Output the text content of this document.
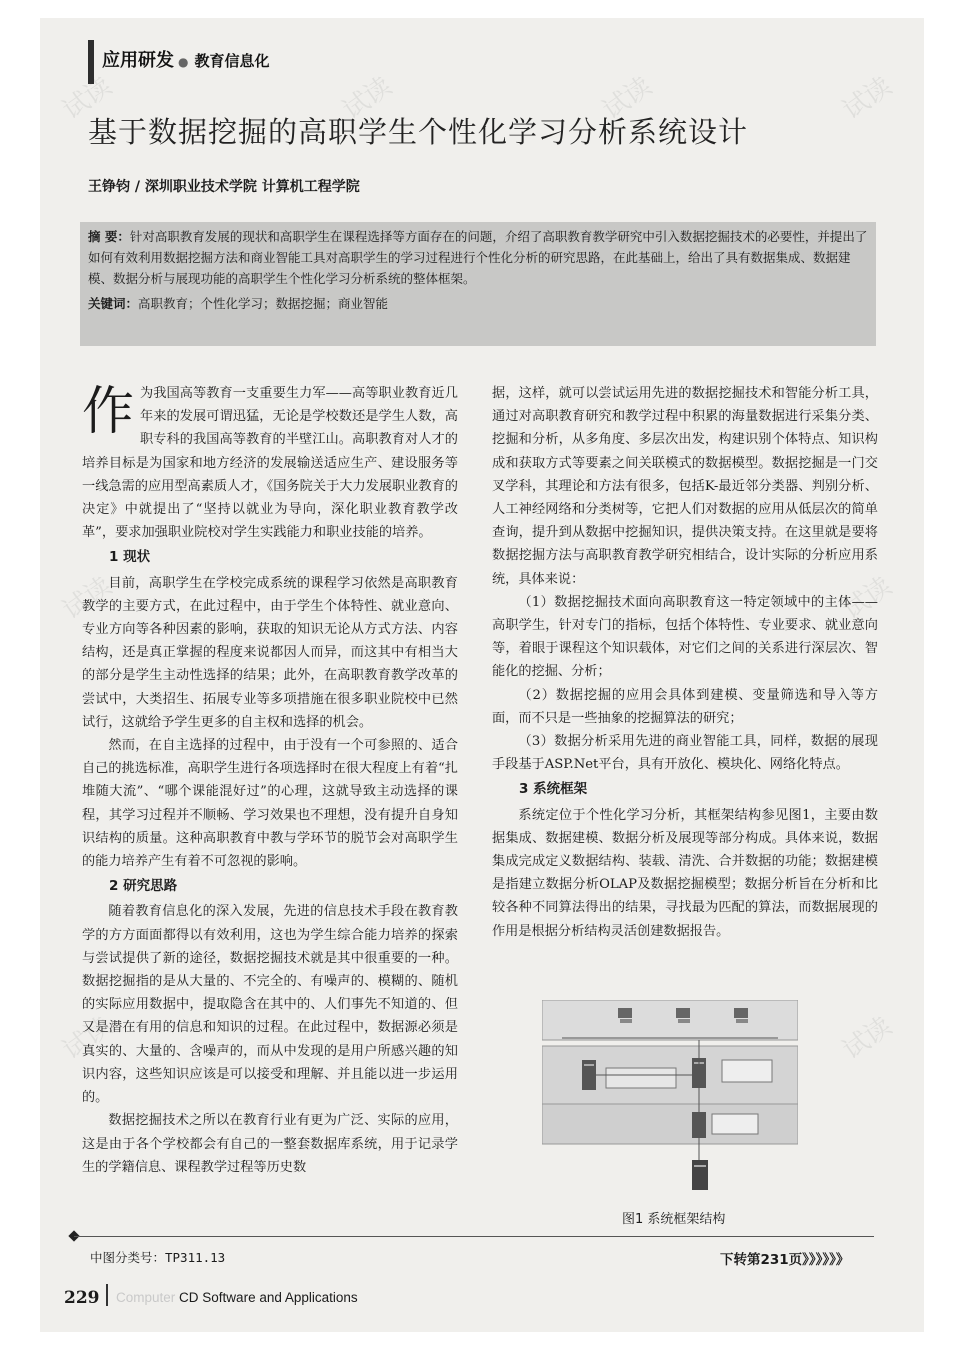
试读	试读	试读	试读
试读	试读
试读	试读
应用研发 ● 教育信息化
基于数据挖掘的高职学生个性化学习分析系统设计
王铮钧 / 深圳职业技术学院 计算机工程学院
摘 要：针对高职教育发展的现状和高职学生在课程选择等方面存在的问题，介绍了高职教育教学研究中引入数据挖掘技术的必要性，并提出了如何有效利用数据挖掘方法和商业智能工具对高职学生的学习过程进行个性化分析的研究思路，在此基础上，给出了具有数据集成、数据建模、数据分析与展现功能的高职学生个性化学习分析系统的整体框架。
关键词：高职教育；个性化学习；数据挖掘；商业智能

作为我国高等教育一支重要生力军——高等职业教育近几年来的发展可谓迅猛，无论是学校数还是学生人数，高职专科的我国高等教育的半壁江山。高职教育对人才的培养目标是为国家和地方经济的发展输送适应生产、建设服务等一线急需的应用型高素质人才，《国务院关于大力发展职业教育的决定》中就提出了“坚持以就业为导向，深化职业教育教学改革”，要求加强职业院校对学生实践能力和职业技能的培养。

1 现状

目前，高职学生在学校完成系统的课程学习依然是高职教育教学的主要方式，在此过程中，由于学生个体特性、就业意向、专业方向等各种因素的影响，获取的知识无论从方式方法、内容结构，还是真正掌握的程度来说都因人而异，而这其中有相当大的部分是学生主动性选择的结果；此外，在高职教育教学改革的尝试中，大类招生、拓展专业等多项措施在很多职业院校中已然试行，这就给予学生更多的自主权和选择的机会。

然而，在自主选择的过程中，由于没有一个可参照的、适合自己的挑选标准，高职学生进行各项选择时在很大程度上有着“扎堆随大流”、“哪个课能混好过”的心理，这就导致主动选择的课程，其学习过程并不顺畅、学习效果也不理想，没有提升自身知识结构的质量。这种高职教育中教与学环节的脱节会对高职学生的能力培养产生有着不可忽视的影响。

2 研究思路

随着教育信息化的深入发展，先进的信息技术手段在教育教学的方方面面都得以有效利用，这也为学生综合能力培养的探索与尝试提供了新的途径，数据挖掘技术就是其中很重要的一种。数据挖掘指的是从大量的、不完全的、有噪声的、模糊的、随机的实际应用数据中，提取隐含在其中的、人们事先不知道的、但又是潜在有用的信息和知识的过程。在此过程中，数据源必须是真实的、大量的、含噪声的，而从中发现的是用户所感兴趣的知识内容，这些知识应该是可以接受和理解、并且能以进一步运用的。

数据挖掘技术之所以在教育行业有更为广泛、实际的应用，这是由于各个学校都会有自己的一整套数据库系统，用于记录学生的学籍信息、课程教学过程等历史数

据，这样，就可以尝试运用先进的数据挖掘技术和智能分析工具，通过对高职教育研究和教学过程中积累的海量数据进行采集分类、挖掘和分析，从多角度、多层次出发，构建识别个体特点、知识构成和获取方式等要素之间关联模式的数据模型。数据挖掘是一门交叉学科，其理论和方法有很多，包括K-最近邻分类器、判别分析、人工神经网络和分类树等，它把人们对数据的应用从低层次的简单查询，提升到从数据中挖掘知识，提供决策支持。在这里就是要将数据挖掘方法与高职教育教学研究相结合，设计实际的分析应用系统，具体来说：

（1）数据挖掘技术面向高职教育这一特定领域中的主体——高职学生，针对专门的指标，包括个体特性、专业要求、就业意向等，着眼于课程这个知识载体，对它们之间的关系进行深层次、智能化的挖掘、分析；

（2）数据挖掘的应用会具体到建模、变量筛选和导入等方面，而不只是一些抽象的挖掘算法的研究；

（3）数据分析采用先进的商业智能工具，同样，数据的展现手段基于ASP.Net平台，具有开放化、模块化、网络化特点。

3 系统框架

系统定位于个性化学习分析，其框架结构参见图1，主要由数据集成、数据建模、数据分析及展现等部分构成。具体来说，数据集成完成定义数据结构、装载、清洗、合并数据的功能；数据建模是指建立数据分析OLAP及数据挖掘模型；数据分析旨在分析和比较各种不同算法得出的结果，寻找最为匹配的算法，而数据展现的作用是根据分析结构灵活创建数据报告。

图1 系统框架结构
中图分类号：TP311.13	下转第231页》》》》》》
229 Computer CD Software and Applications
